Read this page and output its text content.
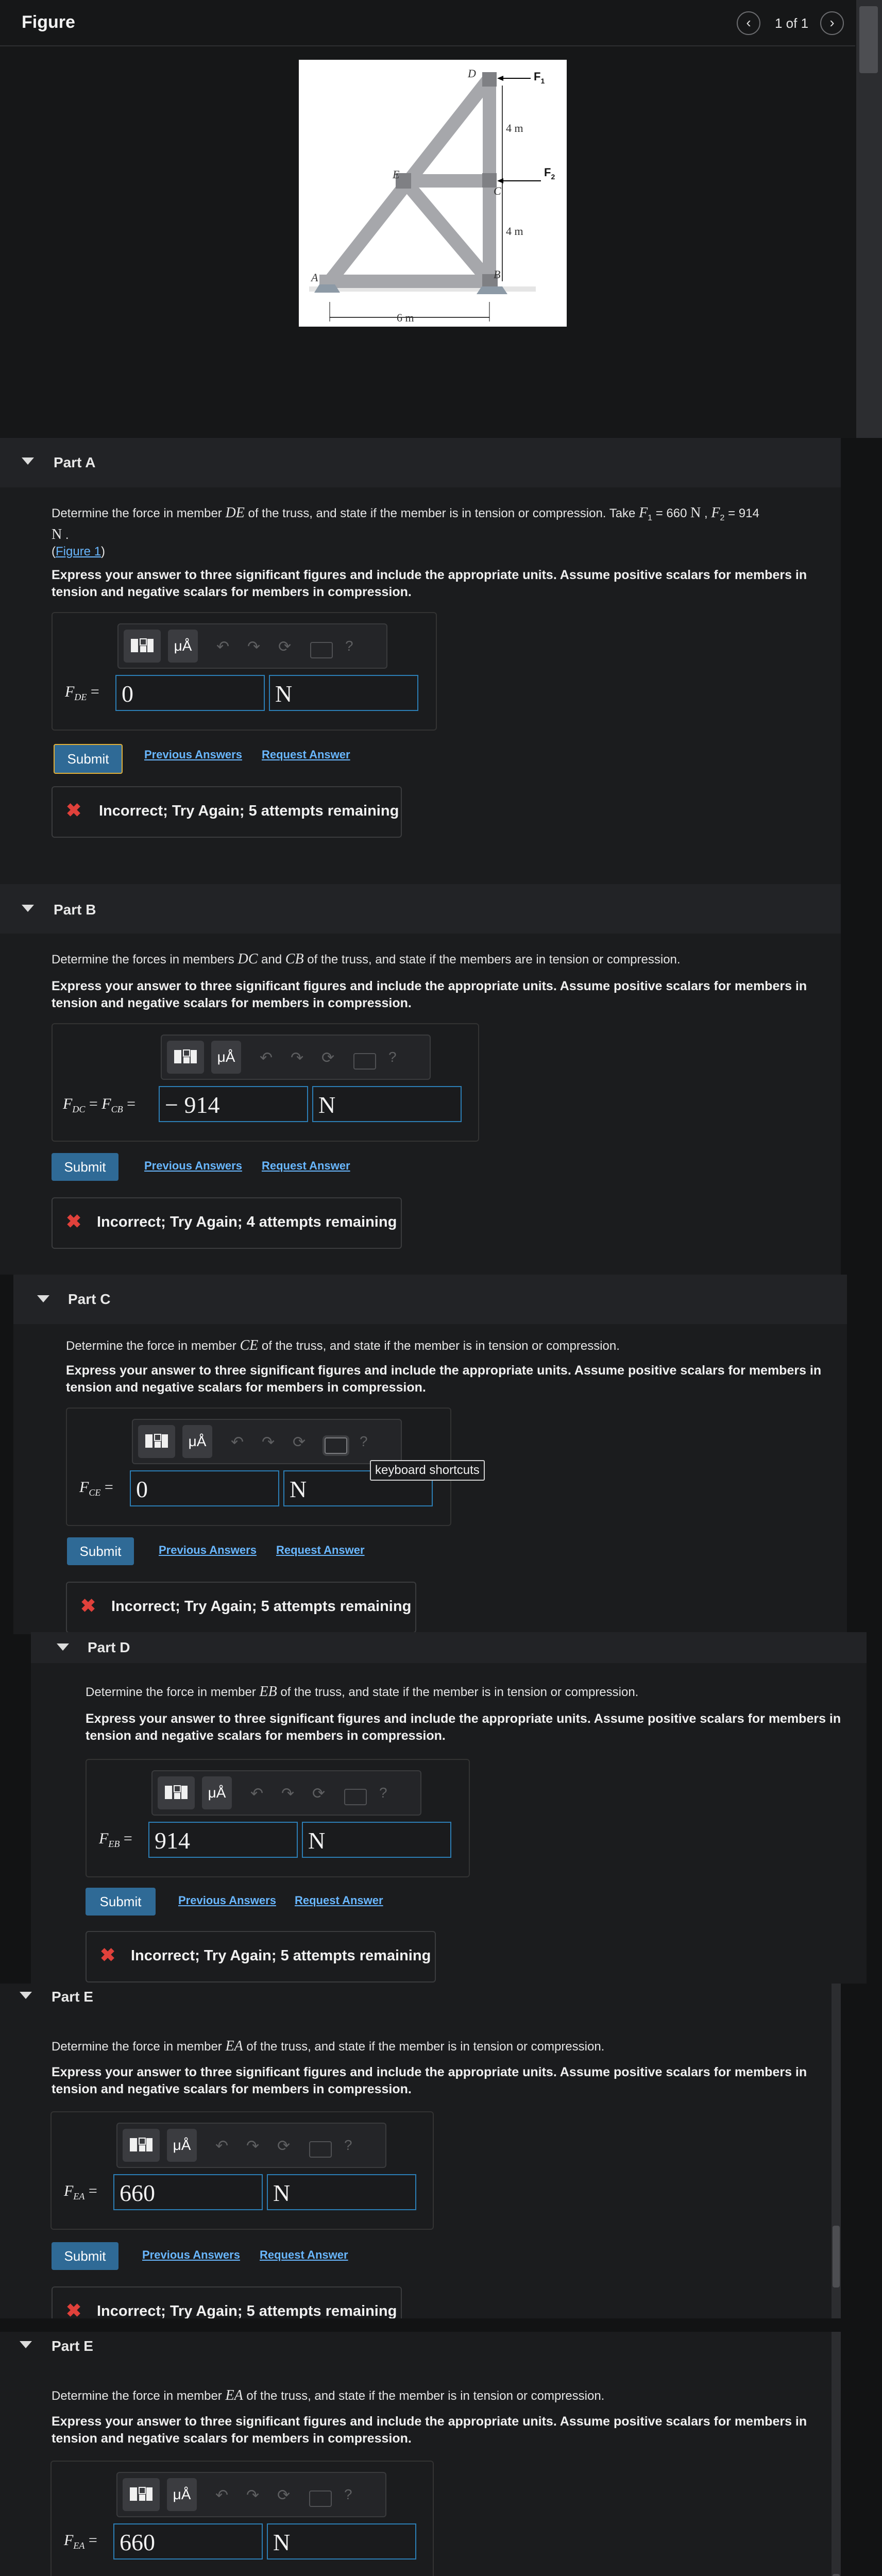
Figure	‹	1 of 1	›
D
E
C
A	B
$F_1$
$F_2$
4 m
4 m
6 m
Part A
Determine the force in member DE of the truss, and state if the member is in tension or compression. Take $F_1 = 660$ N , $F_2 = 914$
N .
(Figure 1)
Express your answer to three significant figures and include the appropriate units. Assume positive scalars for members in tension and negative scalars for members in compression.
μÅ	↶ ↷ ⟳	?
$F_{DE} = 0$	N
Submit	Previous Answers Request Answer
✖ Incorrect; Try Again; 5 attempts remaining
Part B
Determine the forces in members DC and CB of the truss, and state if the members are in tension or compression.
Express your answer to three significant figures and include the appropriate units. Assume positive scalars for members in tension and negative scalars for members in compression.
μÅ	↶ ↷ ⟳	?
$F_{DC} = F_{CB}$ = − 914	N
Submit	Previous Answers Request Answer
✖ Incorrect; Try Again; 4 attempts remaining
Part C
Determine the force in member CE of the truss, and state if the member is in tension or compression.
Express your answer to three significant figures and include the appropriate units. Assume positive scalars for members in tension and negative scalars for members in compression.
μÅ	↶ ↷ ⟳	?
$F_{CE} = 0$	N
keyboard shortcuts
Submit	Previous Answers Request Answer
✖ Incorrect; Try Again; 5 attempts remaining
Part D
Determine the force in member EB of the truss, and state if the member is in tension or compression.
Express your answer to three significant figures and include the appropriate units. Assume positive scalars for members in tension and negative scalars for members in compression.
μÅ	↶ ↷ ⟳	?
$F_{EB} = 914$	N
Submit	Previous Answers Request Answer
✖ Incorrect; Try Again; 5 attempts remaining
Part E
Determine the force in member EA of the truss, and state if the member is in tension or compression.
Express your answer to three significant figures and include the appropriate units. Assume positive scalars for members in tension and negative scalars for members in compression.
μÅ	↶ ↷ ⟳	?
$F_{EA} = 660$	N
Submit	Previous Answers Request Answer
✖ Incorrect; Try Again; 5 attempts remaining
Part E
Determine the force in member EA of the truss, and state if the member is in tension or compression.
Express your answer to three significant figures and include the appropriate units. Assume positive scalars for members in tension and negative scalars for members in compression.
μÅ	↶ ↷ ⟳	?
$F_{EA} = 660$	N
